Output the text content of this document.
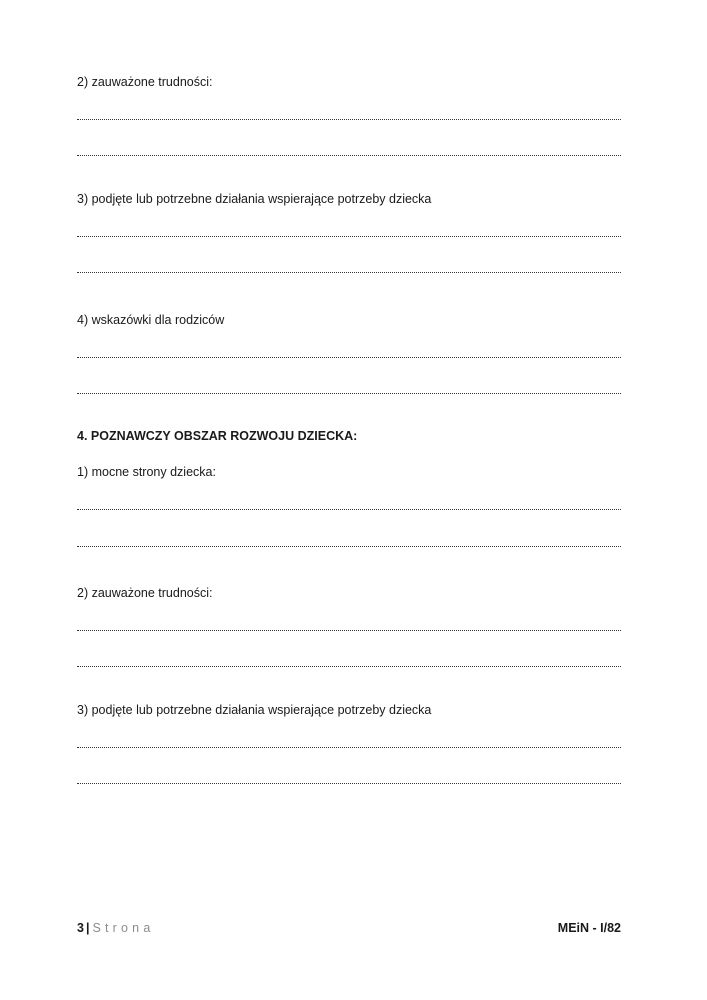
2) zauważone trudności:
3) podjęte lub potrzebne działania wspierające potrzeby dziecka
4) wskazówki dla rodziców
4. POZNAWCZY OBSZAR ROZWOJU DZIECKA:
1) mocne strony dziecka:
2) zauważone trudności:
3) podjęte lub potrzebne działania wspierające potrzeby dziecka
3 | Strona	MEiN - I/82
